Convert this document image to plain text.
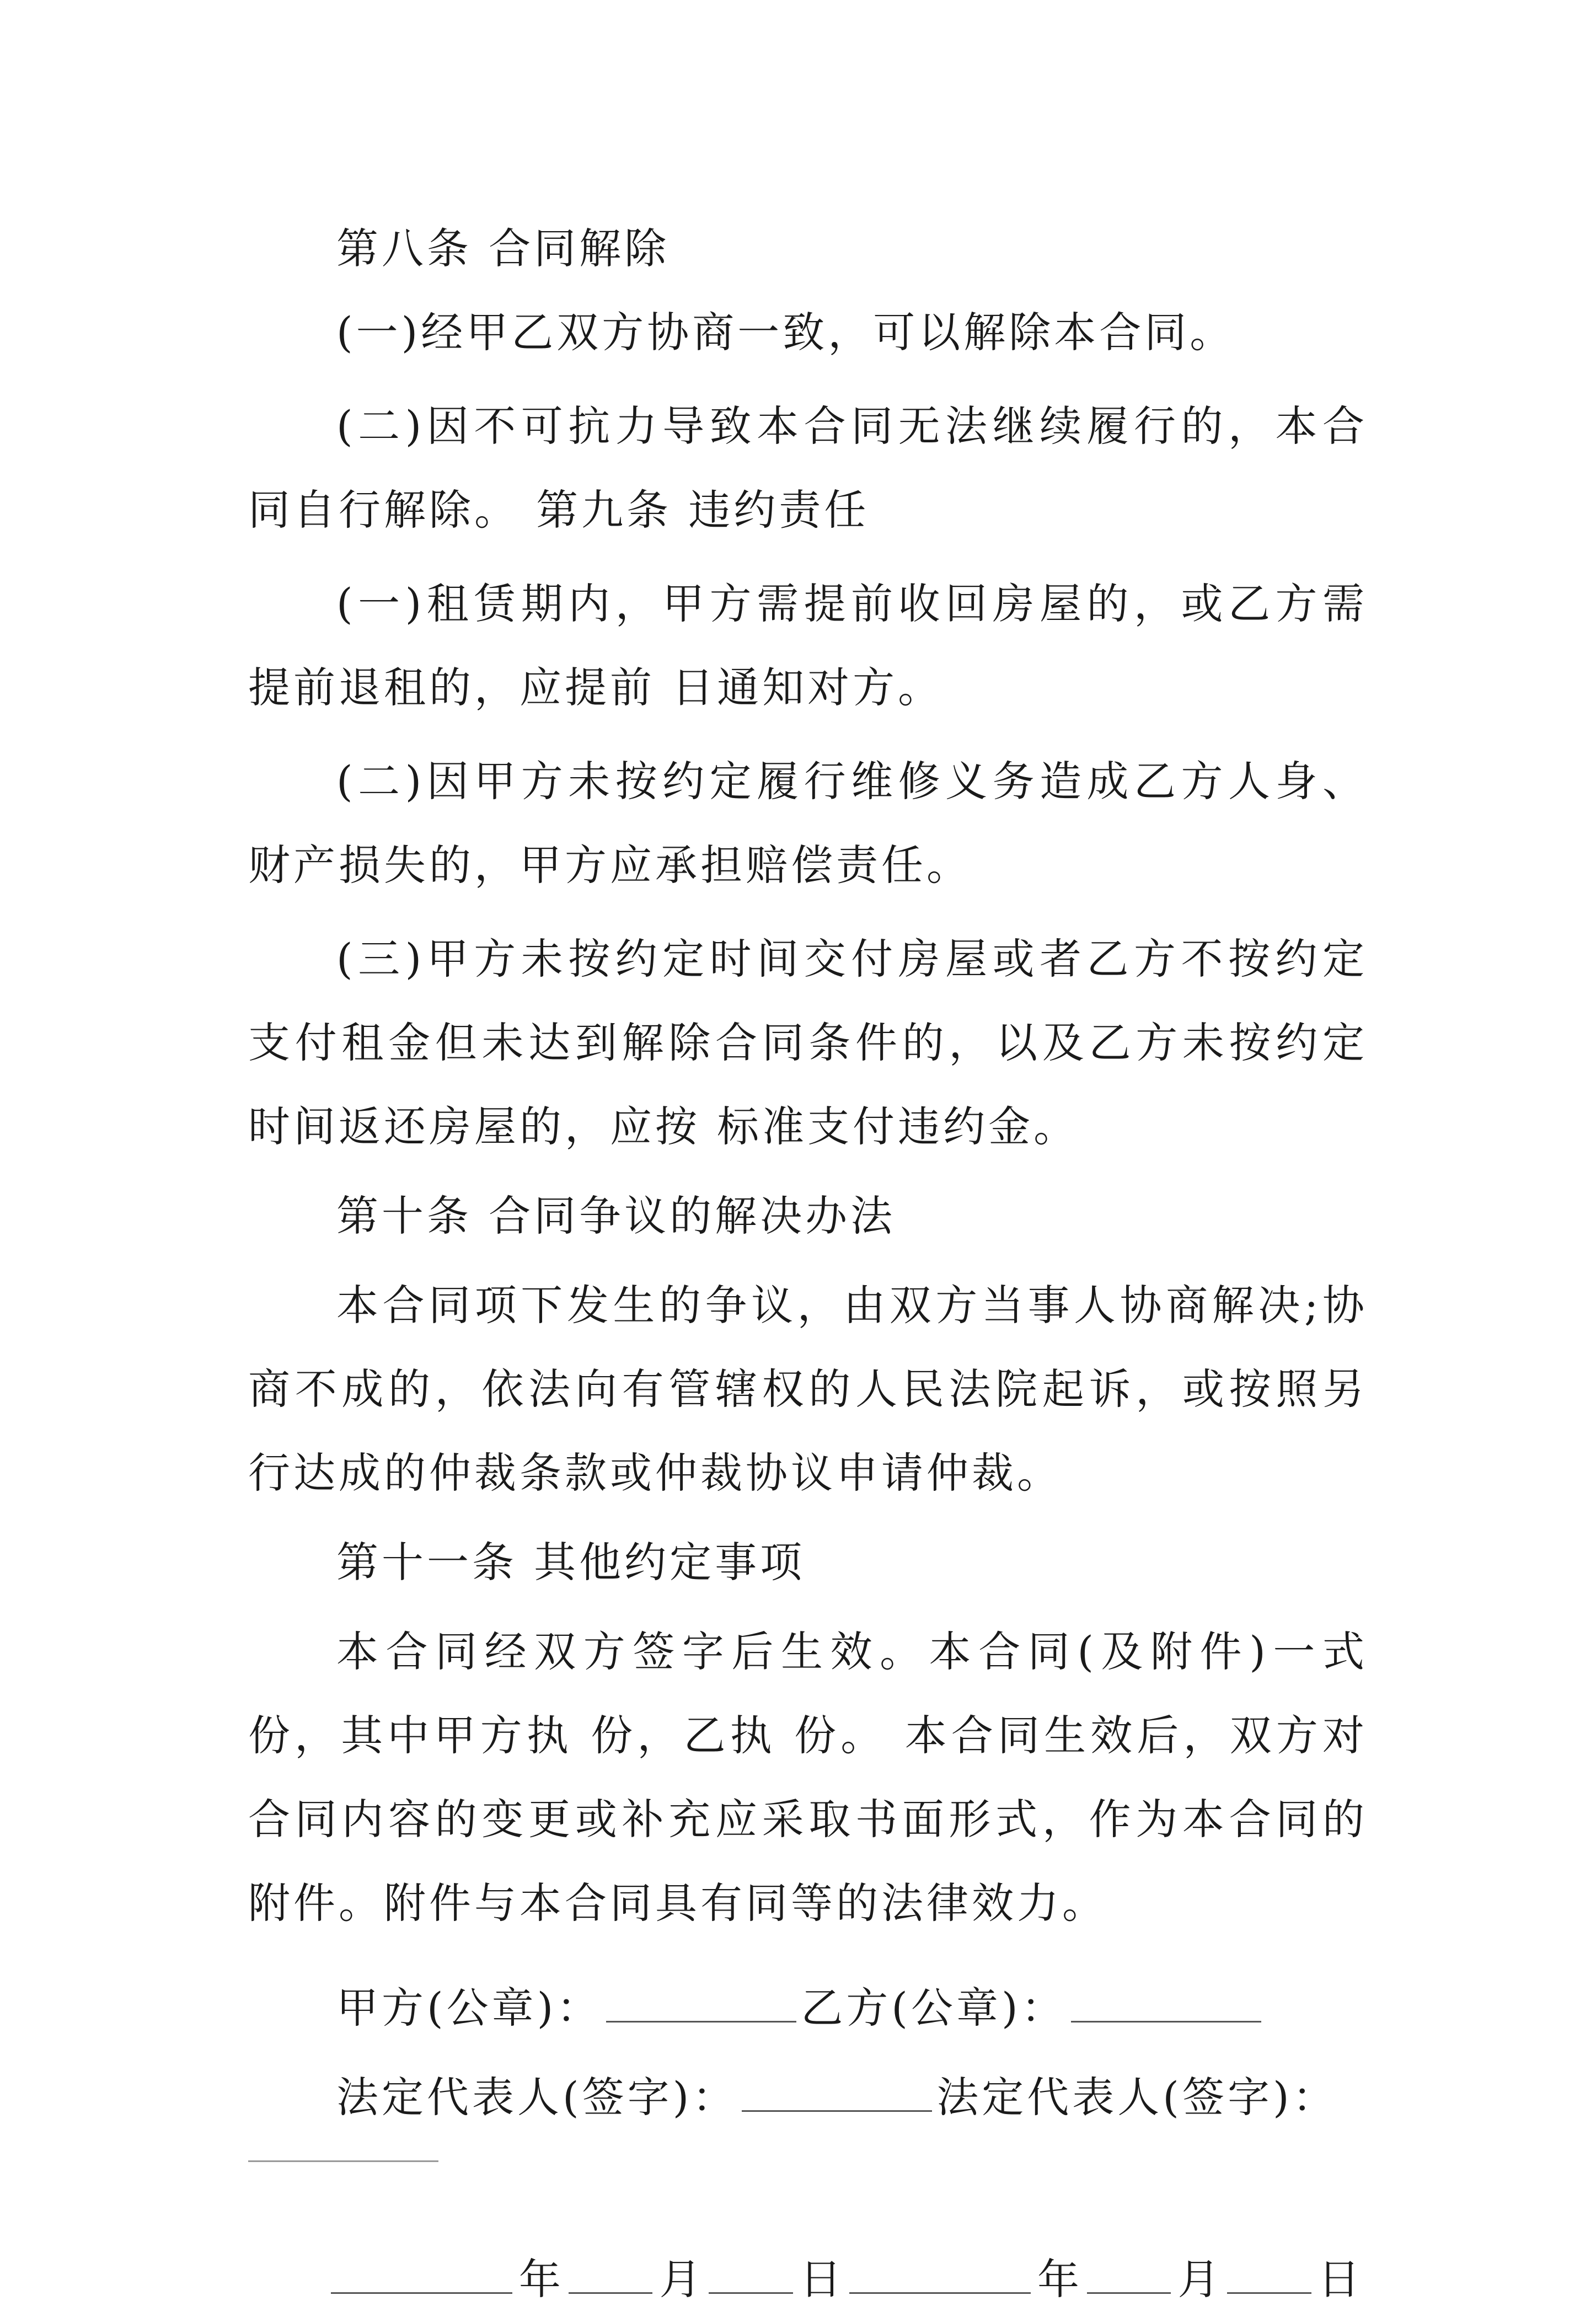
第八条 合同解除

(一)经甲乙双方协商一致，可以解除本合同。

(二)因不可抗力导致本合同无法继续履行的，本合同自行解除。 第九条 违约责任

(一)租赁期内，甲方需提前收回房屋的，或乙方需提前退租的，应提前 日通知对方。

(二)因甲方未按约定履行维修义务造成乙方人身、财产损失的，甲方应承担赔偿责任。

(三)甲方未按约定时间交付房屋或者乙方不按约定支付租金但未达到解除合同条件的，以及乙方未按约定时间返还房屋的，应按 标准支付违约金。

第十条 合同争议的解决办法

本合同项下发生的争议，由双方当事人协商解决;协商不成的，依法向有管辖权的人民法院起诉，或按照另行达成的仲裁条款或仲裁协议申请仲裁。

第十一条 其他约定事项

本合同经双方签字后生效。本合同(及附件)一式 份，其中甲方执 份，乙执 份。 本合同生效后，双方对合同内容的变更或补充应采取书面形式，作为本合同的附件。附件与本合同具有同等的法律效力。

甲方(公章)：	乙方(公章)：
法定代表人(签字)：	法定代表人(签字)：
年 月 日	年 月 日
